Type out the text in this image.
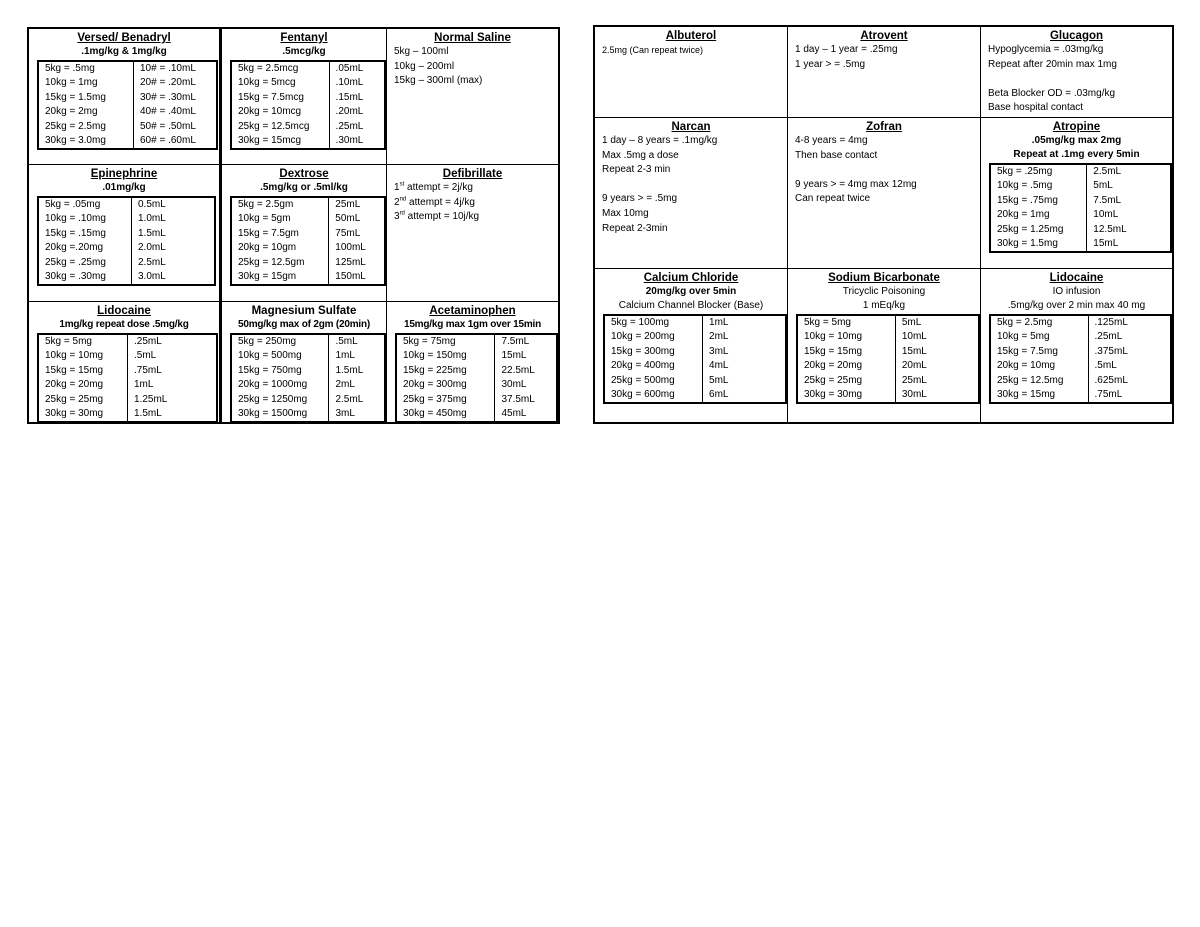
Versed/ Benadryl
.1mg/kg & 1mg/kg
5kg = .5mg	10# = .10mL
10kg = 1mg	20# = .20mL
15kg = 1.5mg	30# = .30mL
20kg = 2mg	40# = .40mL
25kg = 2.5mg	50# = .50mL
30kg = 3.0mg	60# = .60mL
Fentanyl
.5mcg/kg
5kg = 2.5mcg	.05mL
10kg = 5mcg	.10mL
15kg = 7.5mcg	.15mL
20kg = 10mcg	.20mL
25kg = 12.5mcg	.25mL
30kg = 15mcg	.30mL
Normal Saline
5kg – 100ml
10kg – 200ml
15kg – 300ml (max)
Epinephrine
.01mg/kg
5kg = .05mg	0.5mL
10kg = .10mg	1.0mL
15kg = .15mg	1.5mL
20kg =.20mg	2.0mL
25kg = .25mg	2.5mL
30kg = .30mg	3.0mL
Dextrose
.5mg/kg or .5ml/kg
5kg = 2.5gm	25mL
10kg = 5gm	50mL
15kg = 7.5gm	75mL
20kg = 10gm	100mL
25kg = 12.5gm	125mL
30kg = 15gm	150mL
Defibrillate
1st attempt = 2j/kg
2nd attempt = 4j/kg
3rd attempt = 10j/kg
Lidocaine
1mg/kg repeat dose .5mg/kg
5kg = 5mg	.25mL
10kg = 10mg	.5mL
15kg = 15mg	.75mL
20kg = 20mg	1mL
25kg = 25mg	1.25mL
30kg = 30mg	1.5mL
Magnesium Sulfate
50mg/kg max of 2gm (20min)
5kg = 250mg	.5mL
10kg = 500mg	1mL
15kg = 750mg	1.5mL
20kg = 1000mg	2mL
25kg = 1250mg	2.5mL
30kg = 1500mg	3mL
Acetaminophen
15mg/kg max 1gm over 15min
5kg = 75mg	7.5mL
10kg = 150mg	15mL
15kg = 225mg	22.5mL
20kg = 300mg	30mL
25kg = 375mg	37.5mL
30kg = 450mg	45mL
Albuterol
2.5mg (Can repeat twice)
Atrovent
1 day – 1 year = .25mg
1 year > = .5mg
Glucagon
Hypoglycemia = .03mg/kg
Repeat after 20min max 1mg
Beta Blocker OD = .03mg/kg
Base hospital contact
Narcan
1 day – 8 years = .1mg/kg
Max .5mg a dose
Repeat 2-3 min
9 years > = .5mg
Max 10mg
Repeat 2-3min
Zofran
4-8 years = 4mg
Then base contact
9 years > = 4mg max 12mg
Can repeat twice
Atropine
.05mg/kg max 2mg
Repeat at .1mg every 5min
5kg = .25mg	2.5mL
10kg = .5mg	5mL
15kg = .75mg	7.5mL
20kg = 1mg	10mL
25kg = 1.25mg	12.5mL
30kg = 1.5mg	15mL
Calcium Chloride
20mg/kg over 5min
Calcium Channel Blocker (Base)
5kg = 100mg	1mL
10kg = 200mg	2mL
15kg = 300mg	3mL
20kg = 400mg	4mL
25kg = 500mg	5mL
30kg = 600mg	6mL
Sodium Bicarbonate
Tricyclic Poisoning
1 mEq/kg
5kg = 5mg	5mL
10kg = 10mg	10mL
15kg = 15mg	15mL
20kg = 20mg	20mL
25kg = 25mg	25mL
30kg = 30mg	30mL
Lidocaine
IO infusion
.5mg/kg over 2 min max 40 mg
5kg = 2.5mg	.125mL
10kg = 5mg	.25mL
15kg = 7.5mg	.375mL
20kg = 10mg	.5mL
25kg = 12.5mg	.625mL
30kg = 15mg	.75mL
